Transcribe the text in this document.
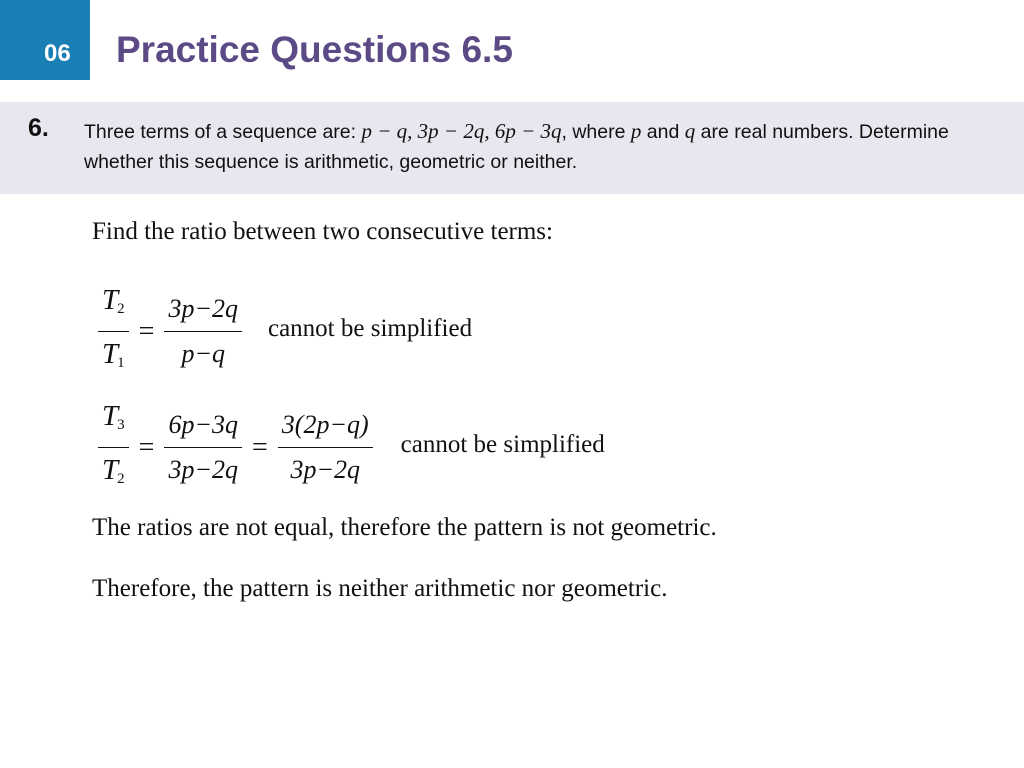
06	Practice Questions 6.5
6. Three terms of a sequence are: p − q, 3p − 2q, 6p − 3q, where p and q are real numbers. Determine whether this sequence is arithmetic, geometric or neither.
Find the ratio between two consecutive terms:
$\frac{T_2}{T_1} = \frac{3p-2q}{p-q}$ cannot be simplified
$\frac{T_3}{T_2} = \frac{6p-3q}{3p-2q} = \frac{3(2p-q)}{3p-2q}$ cannot be simplified
The ratios are not equal, therefore the pattern is not geometric.
Therefore, the pattern is neither arithmetic nor geometric.
